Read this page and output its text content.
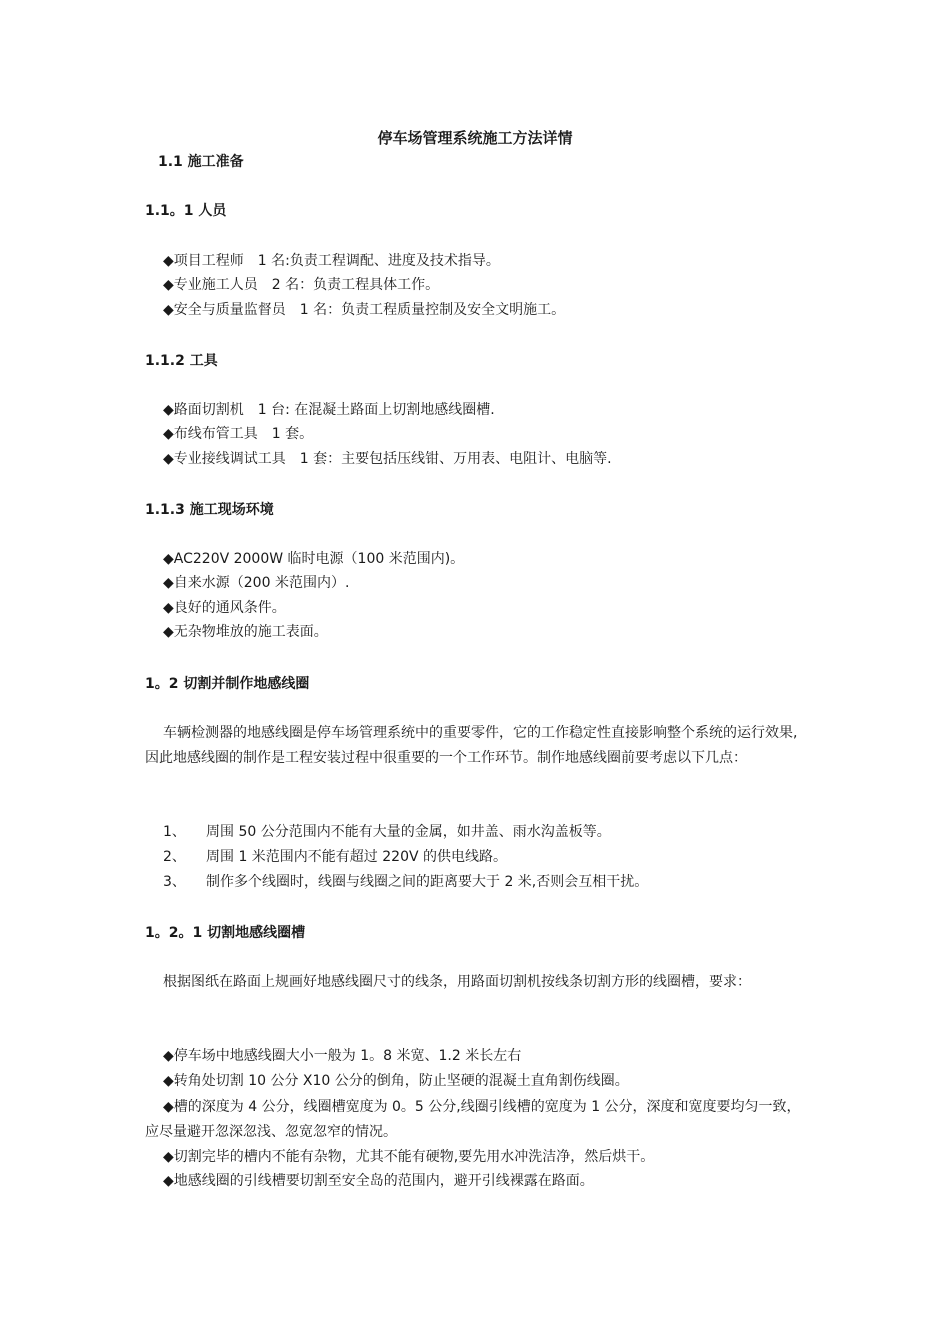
停车场管理系统施工方法详情
1.1 施工准备
1.1。1 人员
◆项目工程师　1 名:负责工程调配、进度及技术指导。
◆专业施工人员　2 名：负责工程具体工作。
◆安全与质量监督员　1 名：负责工程质量控制及安全文明施工。
1.1.2 工具
◆路面切割机　1 台: 在混凝土路面上切割地感线圈槽.
◆布线布管工具　1 套。
◆专业接线调试工具　1 套：主要包括压线钳、万用表、电阻计、电脑等.
1.1.3 施工现场环境
◆AC220V 2000W 临时电源（100 米范围内)。
◆自来水源（200 米范围内）.
◆良好的通风条件。
◆无杂物堆放的施工表面。
1。2 切割并制作地感线圈
车辆检测器的地感线圈是停车场管理系统中的重要零件，它的工作稳定性直接影响整个系统的运行效果,因此地感线圈的制作是工程安装过程中很重要的一个工作环节。制作地感线圈前要考虑以下几点：
1、 周围 50 公分范围内不能有大量的金属，如井盖、雨水沟盖板等。
2、 周围 1 米范围内不能有超过 220V 的供电线路。
3、 制作多个线圈时，线圈与线圈之间的距离要大于 2 米,否则会互相干扰。
1。2。1 切割地感线圈槽
根据图纸在路面上规画好地感线圈尺寸的线条，用路面切割机按线条切割方形的线圈槽，要求：
◆停车场中地感线圈大小一般为 1。8 米宽、1.2 米长左右
◆转角处切割 10 公分 X10 公分的倒角，防止坚硬的混凝土直角割伤线圈。
◆槽的深度为 4 公分，线圈槽宽度为 0。5 公分,线圈引线槽的宽度为 1 公分，深度和宽度要均匀一致，应尽量避开忽深忽浅、忽宽忽窄的情况。
◆切割完毕的槽内不能有杂物，尤其不能有硬物,要先用水冲洗洁净，然后烘干。
◆地感线圈的引线槽要切割至安全岛的范围内，避开引线裸露在路面。
